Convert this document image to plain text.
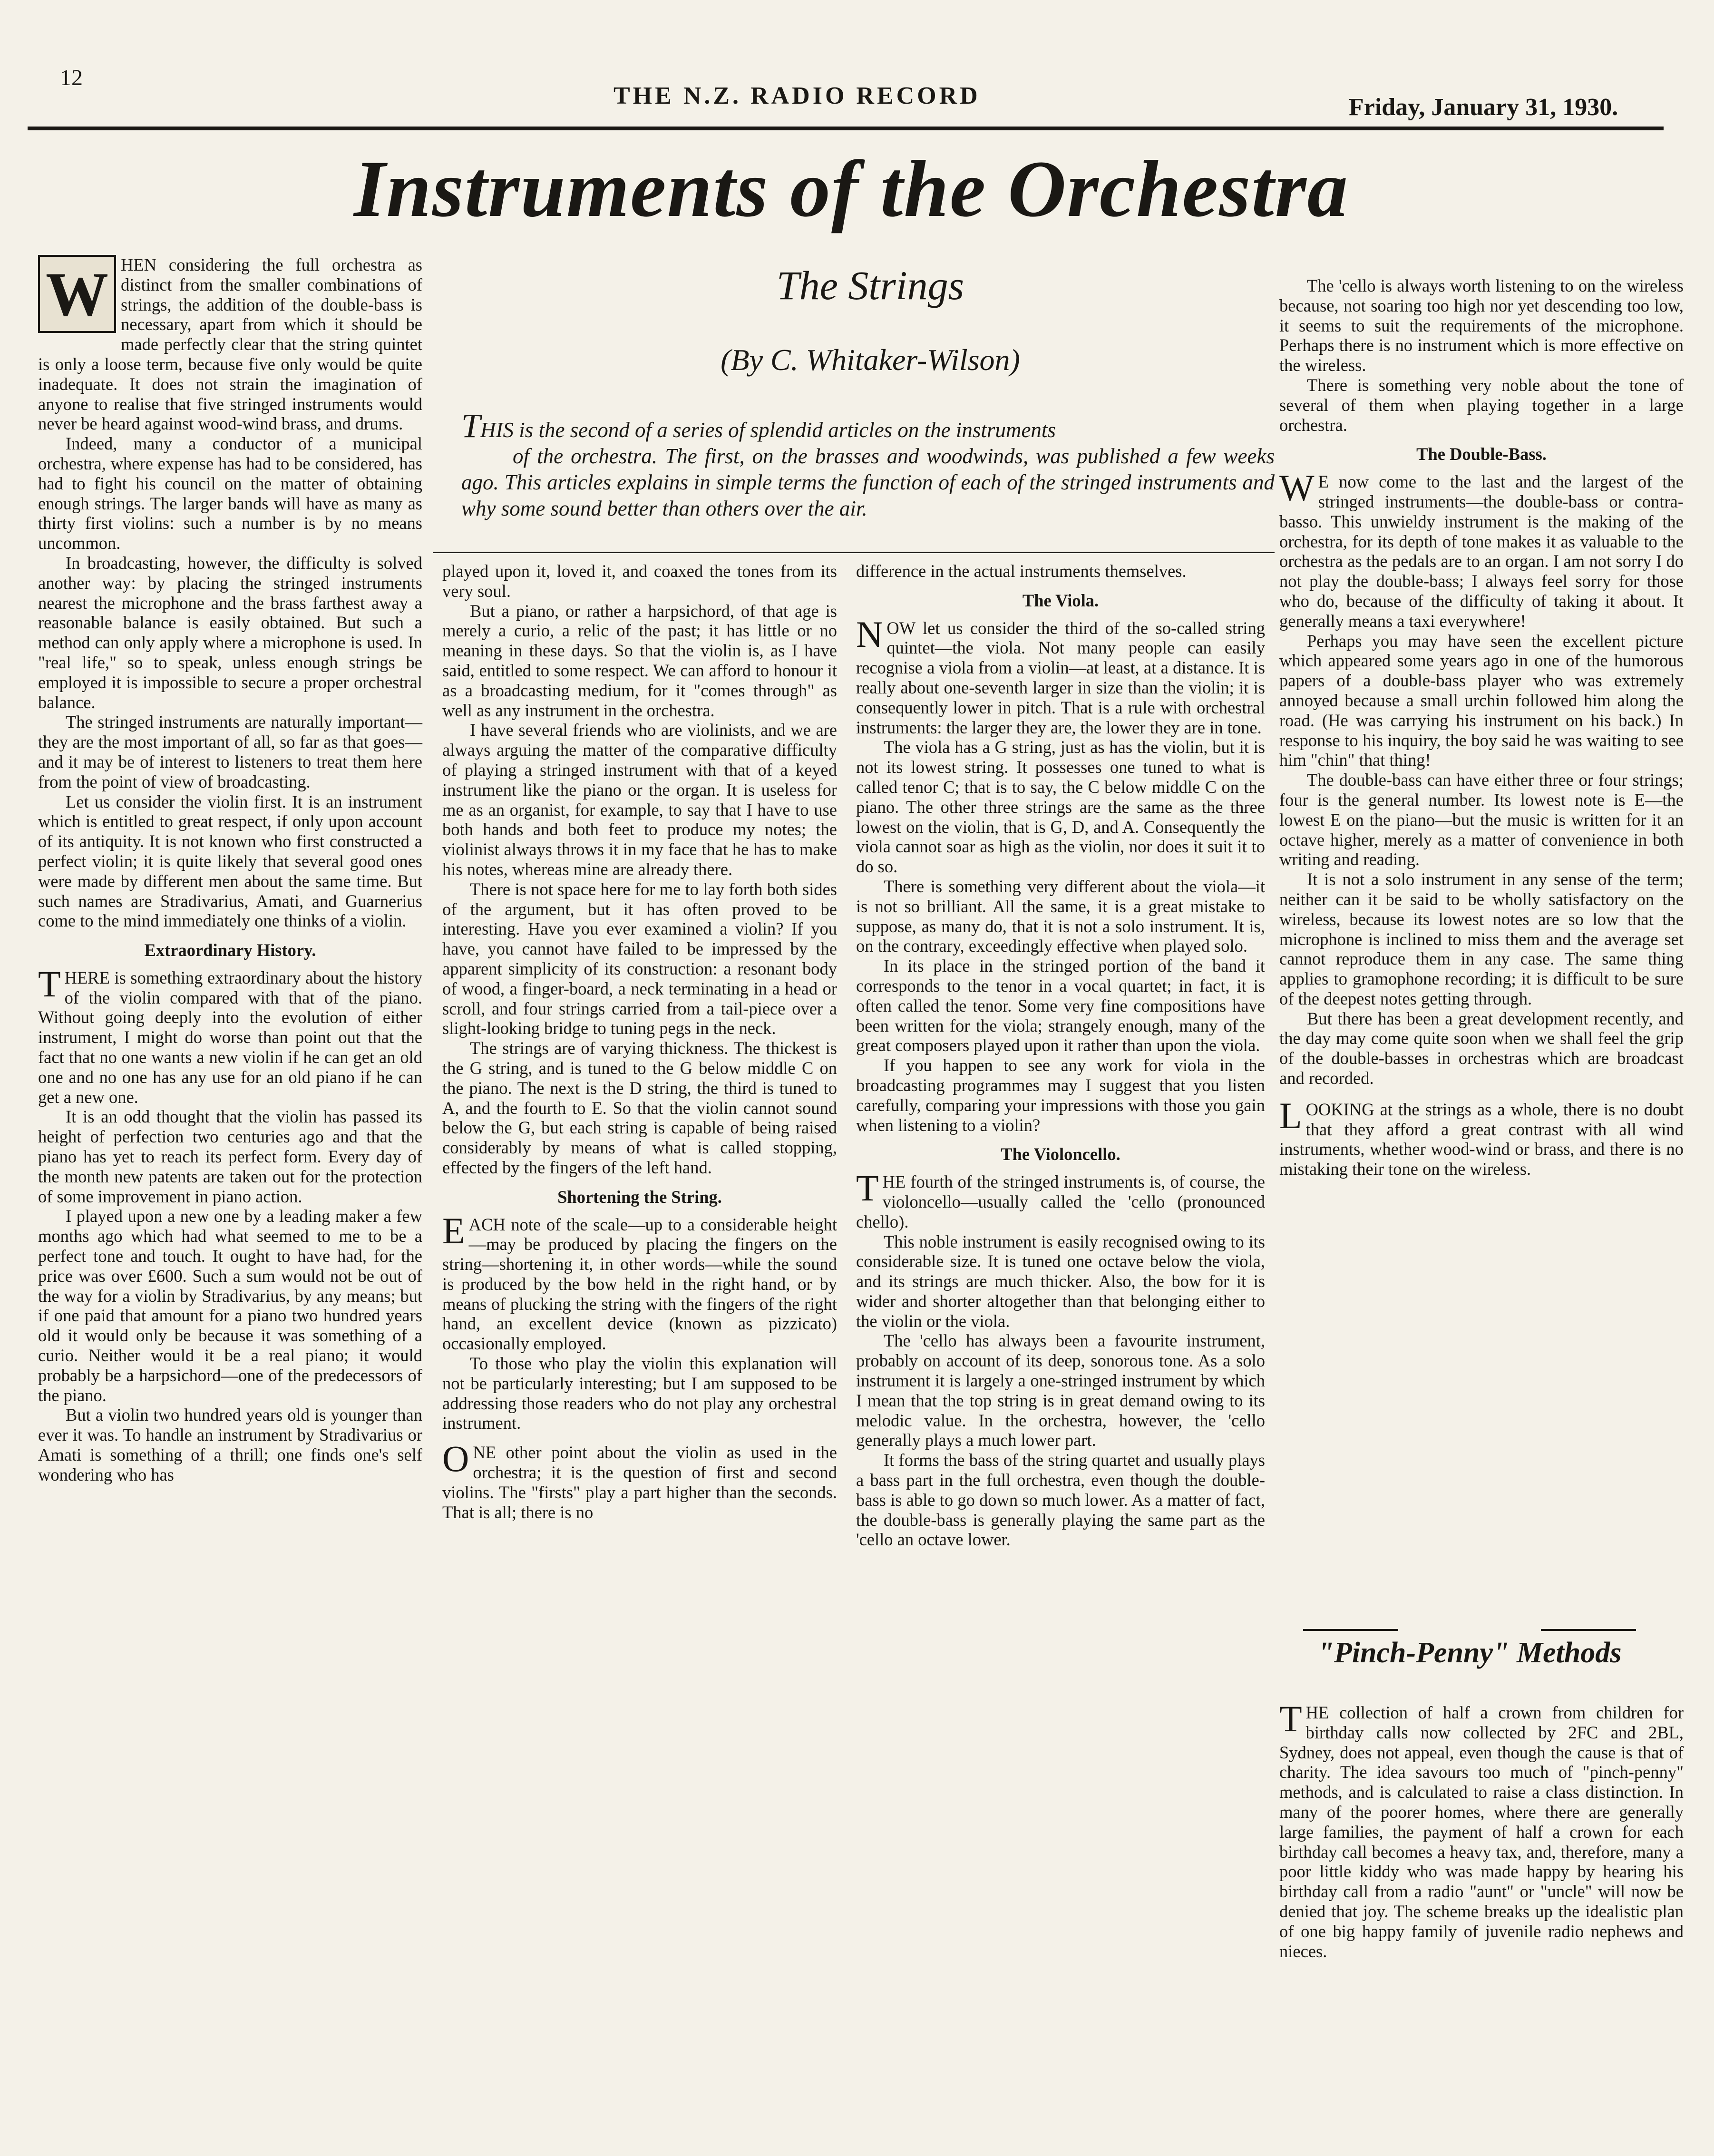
12
THE N.Z. RADIO RECORD	Friday, January 31, 1930.
Instruments of the Orchestra
The Strings
(By C. Whitaker-Wilson)
THIS is the second of a series of splendid articles on the instruments
of the orchestra. The first, on the brasses and woodwinds, was published a few weeks ago. This articles explains in simple terms the function of each of the stringed instruments and why some sound better than others over the air.
W HEN considering the full orchestra as distinct from the smaller combinations of strings, the addition of the double-bass is necessary, apart from which it should be made perfectly clear that the string quintet is only a loose term, because five only would be quite inadequate. It does not strain the imagination of anyone to realise that five stringed instruments would never be heard against wood-wind brass, and drums.

Indeed, many a conductor of a municipal orchestra, where expense has had to be considered, has had to fight his council on the matter of obtaining enough strings. The larger bands will have as many as thirty first violins: such a number is by no means uncommon.

In broadcasting, however, the difficulty is solved another way: by placing the stringed instruments nearest the microphone and the brass farthest away a reasonable balance is easily obtained. But such a method can only apply where a microphone is used. In "real life," so to speak, unless enough strings be employed it is impossible to secure a proper orchestral balance.

The stringed instruments are naturally important—they are the most important of all, so far as that goes—and it may be of interest to listeners to treat them here from the point of view of broadcasting.

Let us consider the violin first. It is an instrument which is entitled to great respect, if only upon account of its antiquity. It is not known who first constructed a perfect violin; it is quite likely that several good ones were made by different men about the same time. But such names are Stradivarius, Amati, and Guarnerius come to the mind immediately one thinks of a violin.

Extraordinary History.

THERE is something extraordinary about the history of the violin compared with that of the piano. Without going deeply into the evolution of either instrument, I might do worse than point out that the fact that no one wants a new violin if he can get an old one and no one has any use for an old piano if he can get a new one.

It is an odd thought that the violin has passed its height of perfection two centuries ago and that the piano has yet to reach its perfect form. Every day of the month new patents are taken out for the protection of some improvement in piano action.

I played upon a new one by a leading maker a few months ago which had what seemed to me to be a perfect tone and touch. It ought to have had, for the price was over £600. Such a sum would not be out of the way for a violin by Stradivarius, by any means; but if one paid that amount for a piano two hundred years old it would only be because it was something of a curio. Neither would it be a real piano; it would probably be a harpsichord—one of the predecessors of the piano.

But a violin two hundred years old is younger than ever it was. To handle an instrument by Stradivarius or Amati is something of a thrill; one finds one's self wondering who has

played upon it, loved it, and coaxed the tones from its very soul.

But a piano, or rather a harpsichord, of that age is merely a curio, a relic of the past; it has little or no meaning in these days. So that the violin is, as I have said, entitled to some respect. We can afford to honour it as a broadcasting medium, for it "comes through" as well as any instrument in the orchestra.

I have several friends who are violinists, and we are always arguing the matter of the comparative difficulty of playing a stringed instrument with that of a keyed instrument like the piano or the organ. It is useless for me as an organist, for example, to say that I have to use both hands and both feet to produce my notes; the violinist always throws it in my face that he has to make his notes, whereas mine are already there.

There is not space here for me to lay forth both sides of the argument, but it has often proved to be interesting. Have you ever examined a violin? If you have, you cannot have failed to be impressed by the apparent simplicity of its construction: a resonant body of wood, a finger-board, a neck terminating in a head or scroll, and four strings carried from a tail-piece over a slight-looking bridge to tuning pegs in the neck.

The strings are of varying thickness. The thickest is the G string, and is tuned to the G below middle C on the piano. The next is the D string, the third is tuned to A, and the fourth to E. So that the violin cannot sound below the G, but each string is capable of being raised considerably by means of what is called stopping, effected by the fingers of the left hand.

Shortening the String.

EACH note of the scale—up to a considerable height—may be produced by placing the fingers on the string—shortening it, in other words—while the sound is produced by the bow held in the right hand, or by means of plucking the string with the fingers of the right hand, an excellent device (known as pizzicato) occasionally employed.

To those who play the violin this explanation will not be particularly interesting; but I am supposed to be addressing those readers who do not play any orchestral instrument.

ONE other point about the violin as used in the orchestra; it is the question of first and second violins. The "firsts" play a part higher than the seconds. That is all; there is no

difference in the actual instruments themselves.

The Viola.

NOW let us consider the third of the so-called string quintet—the viola. Not many people can easily recognise a viola from a violin—at least, at a distance. It is really about one-seventh larger in size than the violin; it is consequently lower in pitch. That is a rule with orchestral instruments: the larger they are, the lower they are in tone.

The viola has a G string, just as has the violin, but it is not its lowest string. It possesses one tuned to what is called tenor C; that is to say, the C below middle C on the piano. The other three strings are the same as the three lowest on the violin, that is G, D, and A. Consequently the viola cannot soar as high as the violin, nor does it suit it to do so.

There is something very different about the viola—it is not so brilliant. All the same, it is a great mistake to suppose, as many do, that it is not a solo instrument. It is, on the contrary, exceedingly effective when played solo.

In its place in the stringed portion of the band it corresponds to the tenor in a vocal quartet; in fact, it is often called the tenor. Some very fine compositions have been written for the viola; strangely enough, many of the great composers played upon it rather than upon the viola.

If you happen to see any work for viola in the broadcasting programmes may I suggest that you listen carefully, comparing your impressions with those you gain when listening to a violin?

The Violoncello.

THE fourth of the stringed instruments is, of course, the violoncello—usually called the 'cello (pronounced chello).

This noble instrument is easily recognised owing to its considerable size. It is tuned one octave below the viola, and its strings are much thicker. Also, the bow for it is wider and shorter altogether than that belonging either to the violin or the viola.

The 'cello has always been a favourite instrument, probably on account of its deep, sonorous tone. As a solo instrument it is largely a one-stringed instrument by which I mean that the top string is in great demand owing to its melodic value. In the orchestra, however, the 'cello generally plays a much lower part.

It forms the bass of the string quartet and usually plays a bass part in the full orchestra, even though the double-bass is able to go down so much lower. As a matter of fact, the double-bass is generally playing the same part as the 'cello an octave lower.

The 'cello is always worth listening to on the wireless because, not soaring too high nor yet descending too low, it seems to suit the requirements of the microphone. Perhaps there is no instrument which is more effective on the wireless.

There is something very noble about the tone of several of them when playing together in a large orchestra.

The Double-Bass.

W E now come to the last and the largest of the stringed instruments—the double-bass or contra-basso. This unwieldy instrument is the making of the orchestra, for its depth of tone makes it as valuable to the orchestra as the pedals are to an organ. I am not sorry I do not play the double-bass; I always feel sorry for those who do, because of the difficulty of taking it about. It generally means a taxi everywhere!

Perhaps you may have seen the excellent picture which appeared some years ago in one of the humorous papers of a double-bass player who was extremely annoyed because a small urchin followed him along the road. (He was carrying his instrument on his back.) In response to his inquiry, the boy said he was waiting to see him "chin" that thing!

The double-bass can have either three or four strings; four is the general number. Its lowest note is E—the lowest E on the piano—but the music is written for it an octave higher, merely as a matter of convenience in both writing and reading.

It is not a solo instrument in any sense of the term; neither can it be said to be wholly satisfactory on the wireless, because its lowest notes are so low that the microphone is inclined to miss them and the average set cannot reproduce them in any case. The same thing applies to gramophone recording; it is difficult to be sure of the deepest notes getting through.

But there has been a great development recently, and the day may come quite soon when we shall feel the grip of the double-basses in orchestras which are broadcast and recorded.

LOOKING at the strings as a whole, there is no doubt that they afford a great contrast with all wind instruments, whether wood-wind or brass, and there is no mistaking their tone on the wireless.

"Pinch-Penny" Methods

THE collection of half a crown from children for birthday calls now collected by 2FC and 2BL, Sydney, does not appeal, even though the cause is that of charity. The idea savours too much of "pinch-penny" methods, and is calculated to raise a class distinction. In many of the poorer homes, where there are generally large families, the payment of half a crown for each birthday call becomes a heavy tax, and, therefore, many a poor little kiddy who was made happy by hearing his birthday call from a radio "aunt" or "uncle" will now be denied that joy. The scheme breaks up the idealistic plan of one big happy family of juvenile radio nephews and nieces.
